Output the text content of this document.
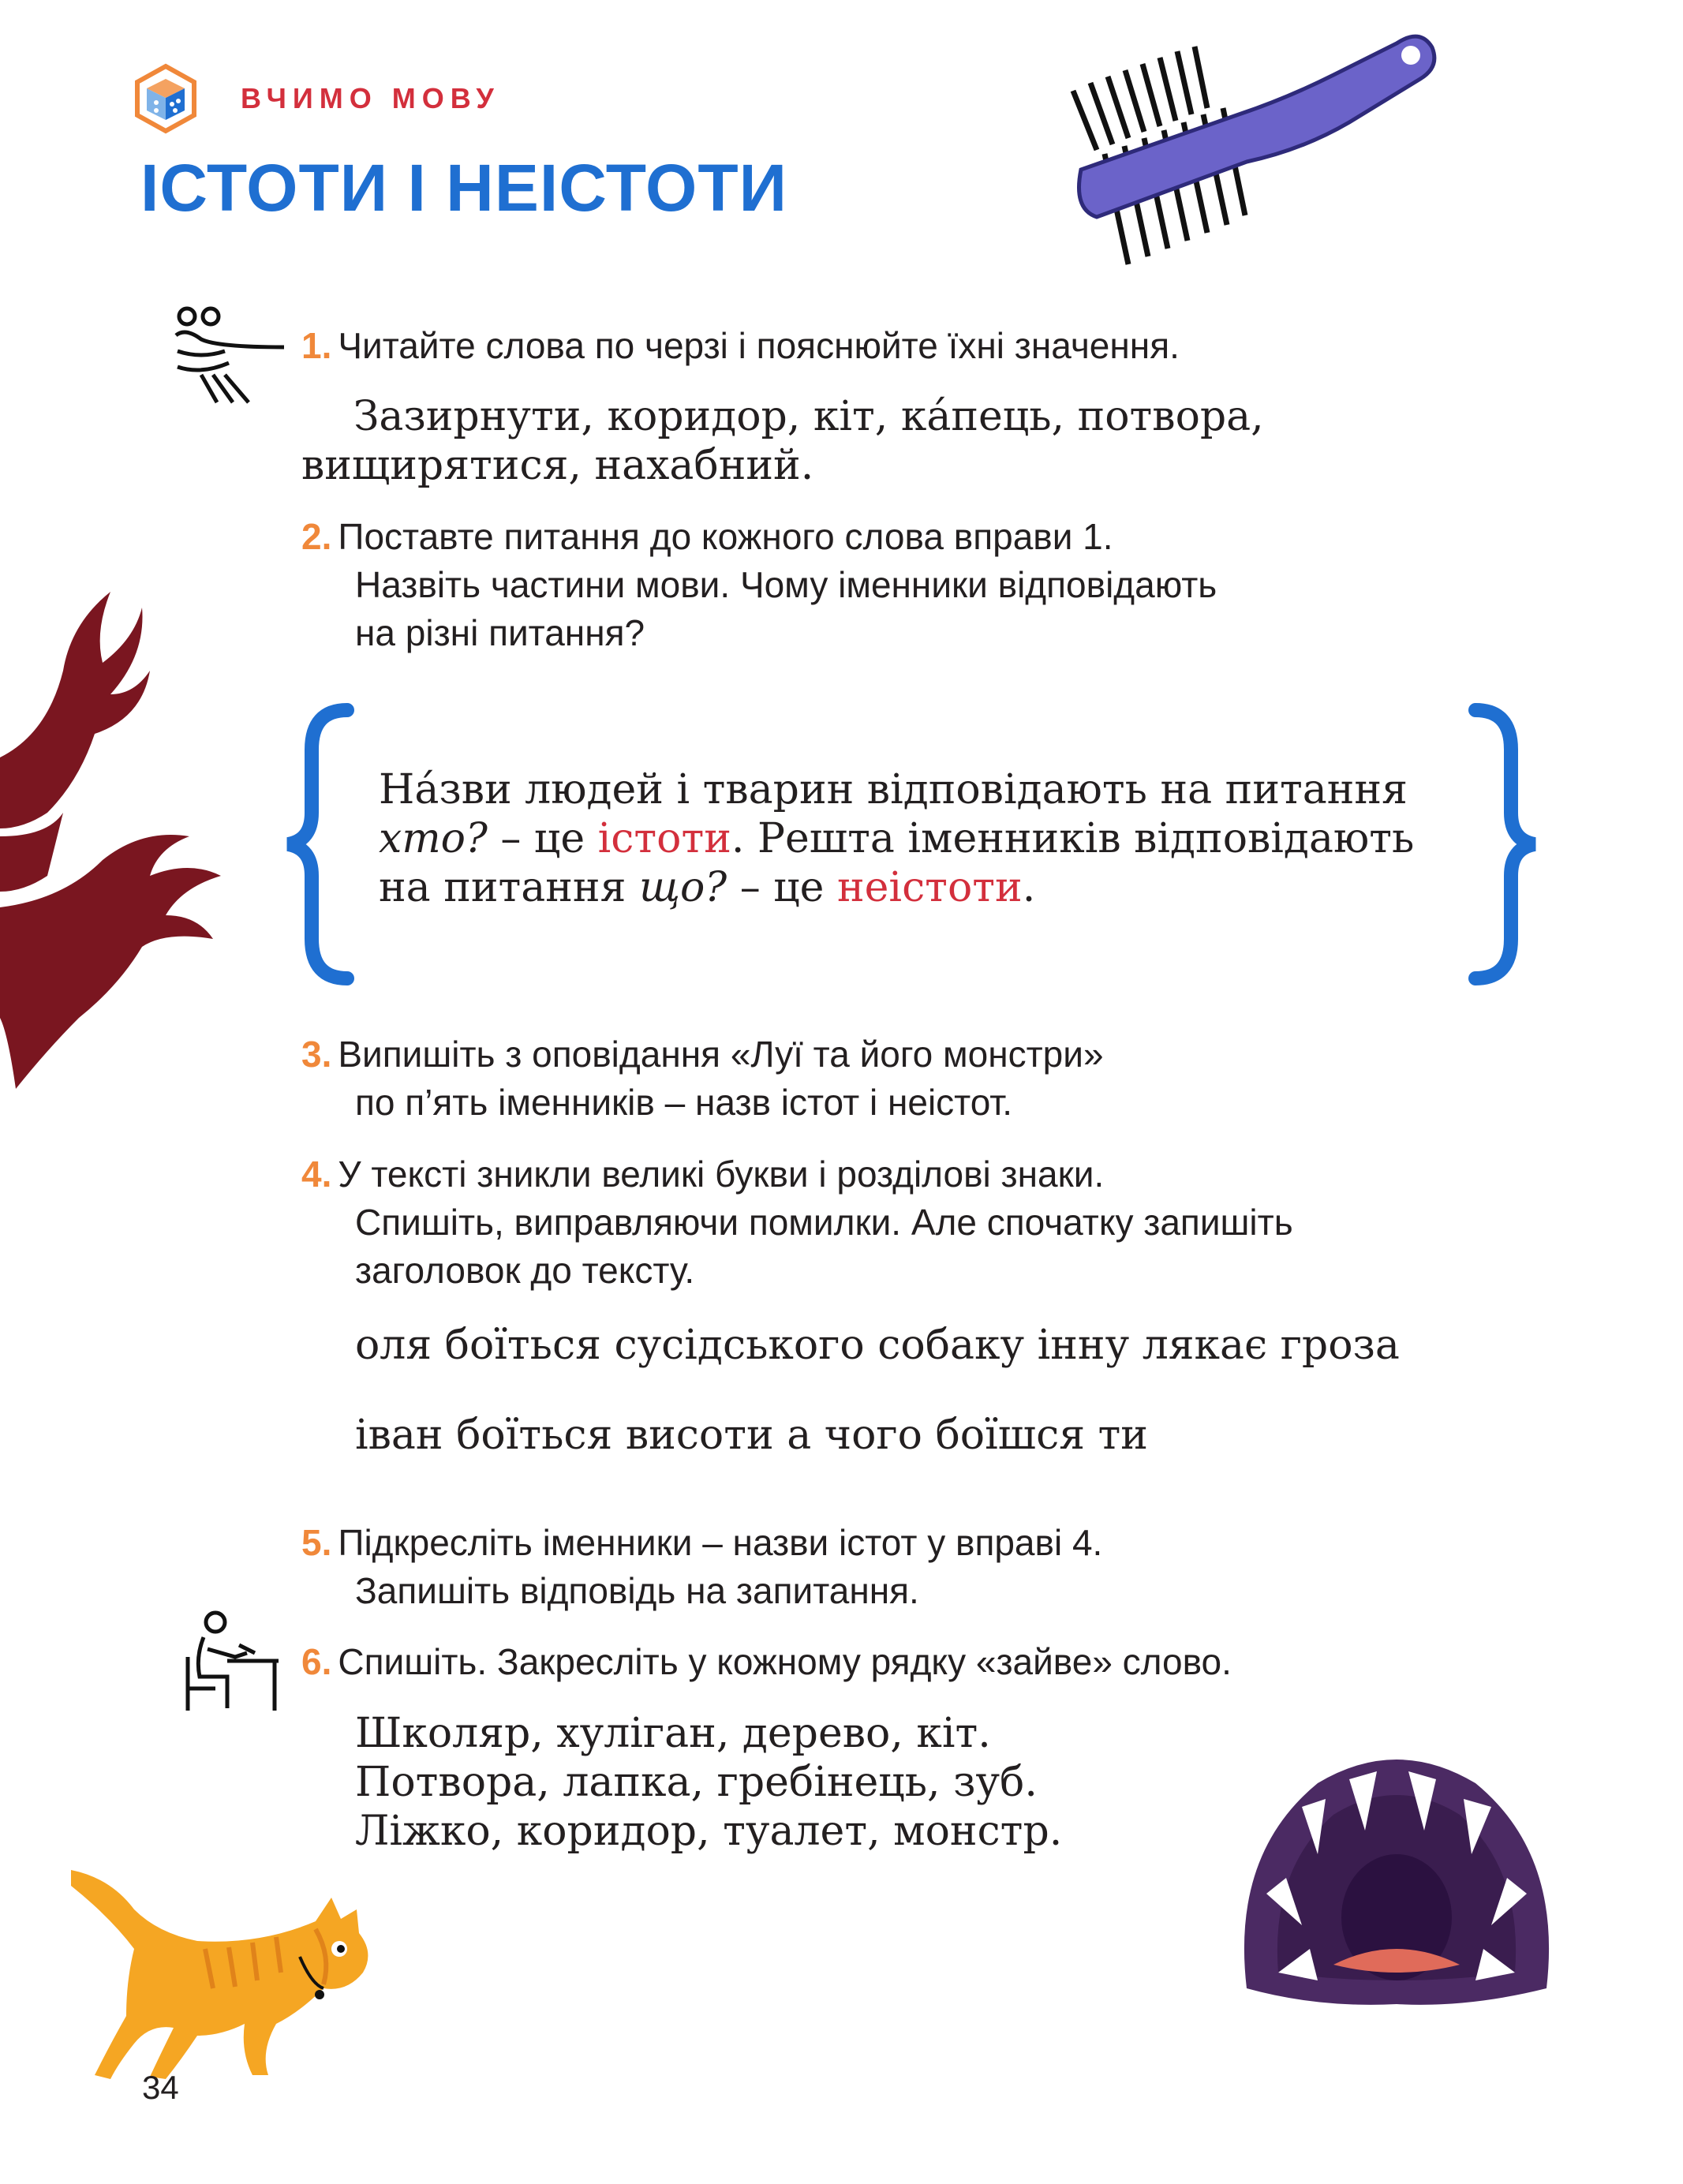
ВЧИМО МОВУ
ІСТОТИ І НЕІСТОТИ
1. Читайте слова по черзі і пояснюйте їхні значення.
Зазирнути, коридор, кіт, ка́пець, потвора,
вищирятися, нахабний.
2. Поставте питання до кожного слова вправи 1.
Назвіть частини мови. Чому іменники відповідають
на різні питання?
На́зви людей і тварин відповідають на питання
хто? – це істоти. Решта іменників відповідають
на питання що? – це неістоти.
3. Випишіть з оповідання «Луї та його монстри»
по п’ять іменників – назв істот і неістот.
4. У тексті зникли великі букви і розділові знаки.
Спишіть, виправляючи помилки. Але спочатку запишіть
заголовок до тексту.
оля боїться сусідського собаку інну лякає гроза
іван боїться висоти а чого боїшся ти
5. Підкресліть іменники – назви істот у вправі 4.
Запишіть відповідь на запитання.
6. Спишіть. Закресліть у кожному рядку «зайве» слово.
Школяр, хуліган, дерево, кіт.
Потвора, лапка, гребінець, зуб.
Ліжко, коридор, туалет, монстр.
34
